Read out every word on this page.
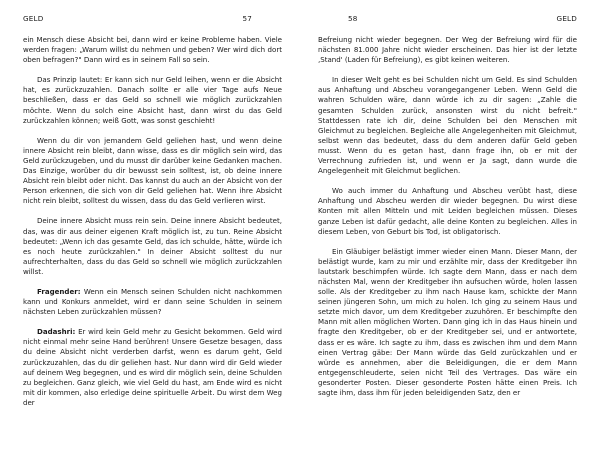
GELD	57

ein Mensch diese Absicht bei, dann wird er keine Probleme haben. Viele werden fragen: „Warum willst du nehmen und geben? Wer wird dich dort oben befragen?" Dann wird es in seinem Fall so sein.

Das Prinzip lautet: Er kann sich nur Geld leihen, wenn er die Absicht hat, es zurückzuzahlen. Danach sollte er alle vier Tage aufs Neue beschließen, dass er das Geld so schnell wie möglich zurückzahlen möchte. Wenn du solch eine Absicht hast, dann wirst du das Geld zurückzahlen können; weiß Gott, was sonst geschieht!

Wenn du dir von jemandem Geld geliehen hast, und wenn deine innere Absicht rein bleibt, dann wisse, dass es dir möglich sein wird, das Geld zurückzugeben, und du musst dir darüber keine Gedanken machen. Das Einzige, worüber du dir bewusst sein solltest, ist, ob deine innere Absicht rein bleibt oder nicht. Das kannst du auch an der Absicht von der Person erkennen, die sich von dir Geld geliehen hat. Wenn ihre Absicht nicht rein bleibt, solltest du wissen, dass du das Geld verlieren wirst.

Deine innere Absicht muss rein sein. Deine innere Absicht bedeutet, das, was dir aus deiner eigenen Kraft möglich ist, zu tun. Reine Absicht bedeutet: „Wenn ich das gesamte Geld, das ich schulde, hätte, würde ich es noch heute zurückzahlen." In deiner Absicht solltest du nur aufrechterhalten, dass du das Geld so schnell wie möglich zurückzahlen willst.

Fragender: Wenn ein Mensch seinen Schulden nicht nachkommen kann und Konkurs anmeldet, wird er dann seine Schulden in seinem nächsten Leben zurückzahlen müssen?

Dadashri: Er wird kein Geld mehr zu Gesicht bekommen. Geld wird nicht einmal mehr seine Hand berühren! Unsere Gesetze besagen, dass du deine Absicht nicht verderben darfst, wenn es darum geht, Geld zurückzuzahlen, das du dir geliehen hast. Nur dann wird dir Geld wieder auf deinem Weg begegnen, und es wird dir möglich sein, deine Schulden zu begleichen. Ganz gleich, wie viel Geld du hast, am Ende wird es nicht mit dir kommen, also erledige deine spirituelle Arbeit. Du wirst dem Weg der

58	GELD

Befreiung nicht wieder begegnen. Der Weg der Befreiung wird für die nächsten 81.000 Jahre nicht wieder erscheinen. Das hier ist der letzte ‚Stand' (Laden für Befreiung), es gibt keinen weiteren.

In dieser Welt geht es bei Schulden nicht um Geld. Es sind Schulden aus Anhaftung und Abscheu vorangegangener Leben. Wenn Geld die wahren Schulden wäre, dann würde ich zu dir sagen: „Zahle die gesamten Schulden zurück, ansonsten wirst du nicht befreit." Stattdessen rate ich dir, deine Schulden bei den Menschen mit Gleichmut zu begleichen. Begleiche alle Angelegenheiten mit Gleichmut, selbst wenn das bedeutet, dass du dem anderen dafür Geld geben musst. Wenn du es getan hast, dann frage ihn, ob er mit der Verrechnung zufrieden ist, und wenn er Ja sagt, dann wurde die Angelegenheit mit Gleichmut beglichen.

Wo auch immer du Anhaftung und Abscheu verübt hast, diese Anhaftung und Abscheu werden dir wieder begegnen. Du wirst diese Konten mit allen Mitteln und mit Leiden begleichen müssen. Dieses ganze Leben ist dafür gedacht, alle deine Konten zu begleichen. Alles in diesem Leben, von Geburt bis Tod, ist obligatorisch.

Ein Gläubiger belästigt immer wieder einen Mann. Dieser Mann, der belästigt wurde, kam zu mir und erzählte mir, dass der Kreditgeber ihn lautstark beschimpfen würde. Ich sagte dem Mann, dass er nach dem nächsten Mal, wenn der Kreditgeber ihn aufsuchen würde, holen lassen solle. Als der Kreditgeber zu ihm nach Hause kam, schickte der Mann seinen jüngeren Sohn, um mich zu holen. Ich ging zu seinem Haus und setzte mich davor, um dem Kreditgeber zuzuhören. Er beschimpfte den Mann mit allen möglichen Worten. Dann ging ich in das Haus hinein und fragte den Kreditgeber, ob er der Kreditgeber sei, und er antwortete, dass er es wäre. Ich sagte zu ihm, dass es zwischen ihm und dem Mann einen Vertrag gäbe: Der Mann würde das Geld zurückzahlen und er würde es annehmen, aber die Beleidigungen, die er dem Mann entgegenschleuderte, seien nicht Teil des Vertrages. Das wäre ein gesonderter Posten. Dieser gesonderte Posten hätte einen Preis. Ich sagte ihm, dass ihm für jeden beleidigenden Satz, den er
